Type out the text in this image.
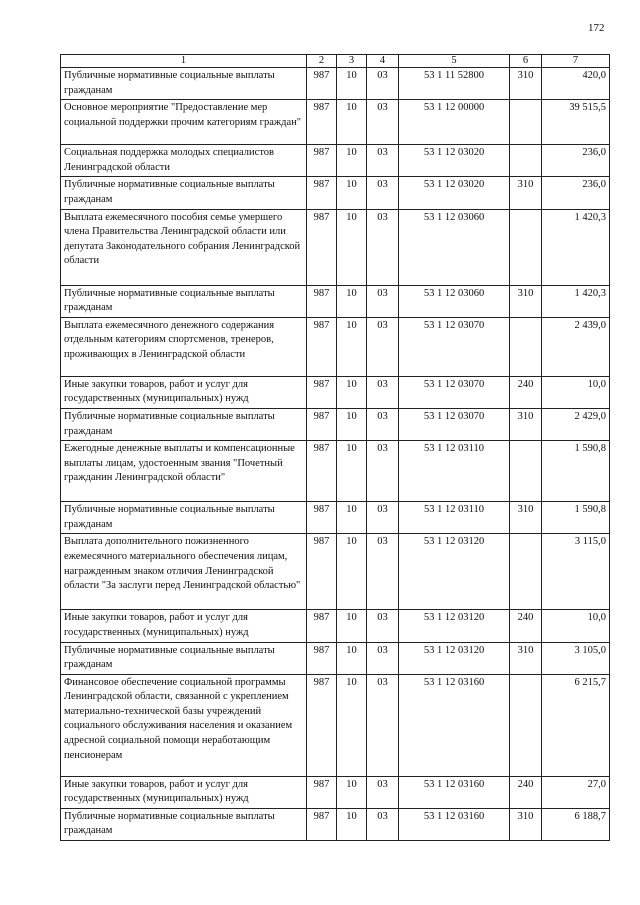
172
1	2	3	4	5	6	7
Публичные нормативные социальные выплаты гражданам	987	10	03	53 1 11 52800	310	420,0
Основное мероприятие "Предоставление мер социальной поддержки прочим категориям граждан"	987	10	03	53 1 12 00000		39 515,5
Социальная поддержка молодых специалистов Ленинградской области	987	10	03	53 1 12 03020		236,0
Публичные нормативные социальные выплаты гражданам	987	10	03	53 1 12 03020	310	236,0
Выплата ежемесячного пособия семье умершего члена Правительства Ленинградской области или депутата Законодательного собрания Ленинградской области	987	10	03	53 1 12 03060		1 420,3
Публичные нормативные социальные выплаты гражданам	987	10	03	53 1 12 03060	310	1 420,3
Выплата ежемесячного денежного содержания отдельным категориям спортсменов, тренеров, проживающих в Ленинградской области	987	10	03	53 1 12 03070		2 439,0
Иные закупки товаров, работ и услуг для государственных (муниципальных) нужд	987	10	03	53 1 12 03070	240	10,0
Публичные нормативные социальные выплаты гражданам	987	10	03	53 1 12 03070	310	2 429,0
Ежегодные денежные выплаты и компенсационные выплаты лицам, удостоенным звания "Почетный гражданин Ленинградской области"	987	10	03	53 1 12 03110		1 590,8
Публичные нормативные социальные выплаты гражданам	987	10	03	53 1 12 03110	310	1 590,8
Выплата дополнительного пожизненного ежемесячного материального обеспечения лицам, награжденным знаком отличия Ленинградской области "За заслуги перед Ленинградской областью"	987	10	03	53 1 12 03120		3 115,0
Иные закупки товаров, работ и услуг для государственных (муниципальных) нужд	987	10	03	53 1 12 03120	240	10,0
Публичные нормативные социальные выплаты гражданам	987	10	03	53 1 12 03120	310	3 105,0
Финансовое обеспечение социальной программы Ленинградской области, связанной с укреплением материально-технической базы учреждений социального обслуживания населения и оказанием адресной социальной помощи неработающим пенсионерам	987	10	03	53 1 12 03160		6 215,7
Иные закупки товаров, работ и услуг для государственных (муниципальных) нужд	987	10	03	53 1 12 03160	240	27,0
Публичные нормативные социальные выплаты гражданам	987	10	03	53 1 12 03160	310	6 188,7
